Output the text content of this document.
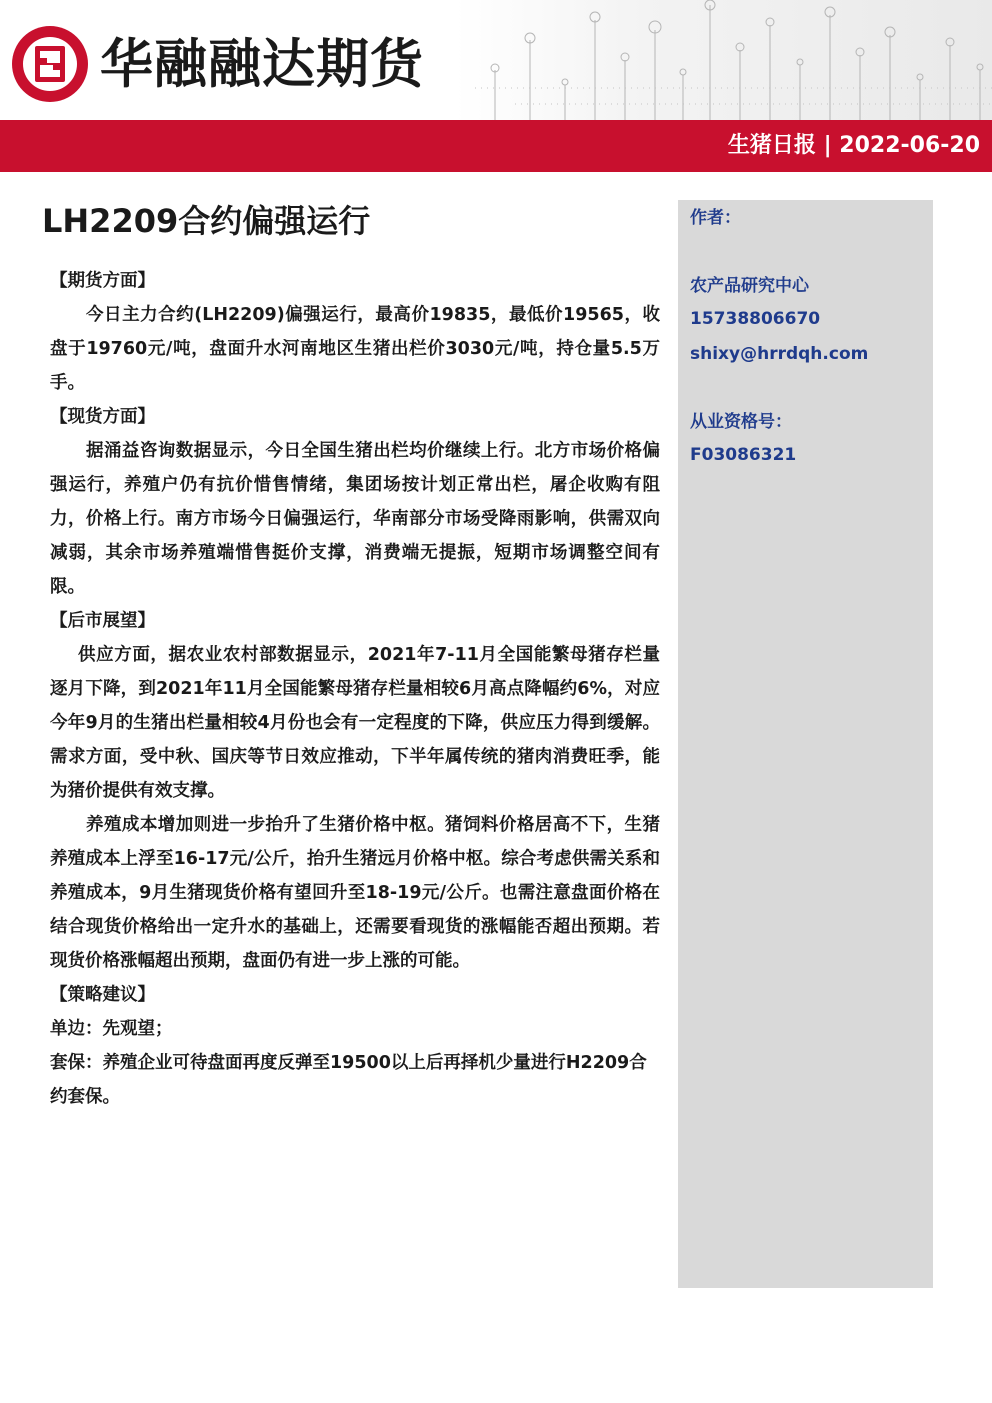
华融融达期货
生猪日报 | 2022-06-20
LH2209合约偏强运行

【期货方面】

今日主力合约(LH2209)偏强运行，最高价19835，最低价19565，收盘于19760元/吨，盘面升水河南地区生猪出栏价3030元/吨，持仓量5.5万手。

【现货方面】

据涌益咨询数据显示，今日全国生猪出栏均价继续上行。北方市场价格偏强运行，养殖户仍有抗价惜售情绪，集团场按计划正常出栏，屠企收购有阻力，价格上行。南方市场今日偏强运行，华南部分市场受降雨影响，供需双向减弱，其余市场养殖端惜售挺价支撑，消费端无提振，短期市场调整空间有限。

【后市展望】

供应方面，据农业农村部数据显示，2021年7-11月全国能繁母猪存栏量逐月下降，到2021年11月全国能繁母猪存栏量相较6月高点降幅约6%，对应今年9月的生猪出栏量相较4月份也会有一定程度的下降，供应压力得到缓解。需求方面，受中秋、国庆等节日效应推动，下半年属传统的猪肉消费旺季，能为猪价提供有效支撑。

养殖成本增加则进一步抬升了生猪价格中枢。猪饲料价格居高不下，生猪养殖成本上浮至16-17元/公斤，抬升生猪远月价格中枢。综合考虑供需关系和养殖成本，9月生猪现货价格有望回升至18-19元/公斤。也需注意盘面价格在结合现货价格给出一定升水的基础上，还需要看现货的涨幅能否超出预期。若现货价格涨幅超出预期，盘面仍有进一步上涨的可能。

【策略建议】

单边：先观望；

套保：养殖企业可待盘面再度反弹至19500以上后再择机少量进行H2209合约套保。

作者：
农产品研究中心
15738806670
shixy@hrrdqh.com
从业资格号：
F03086321
